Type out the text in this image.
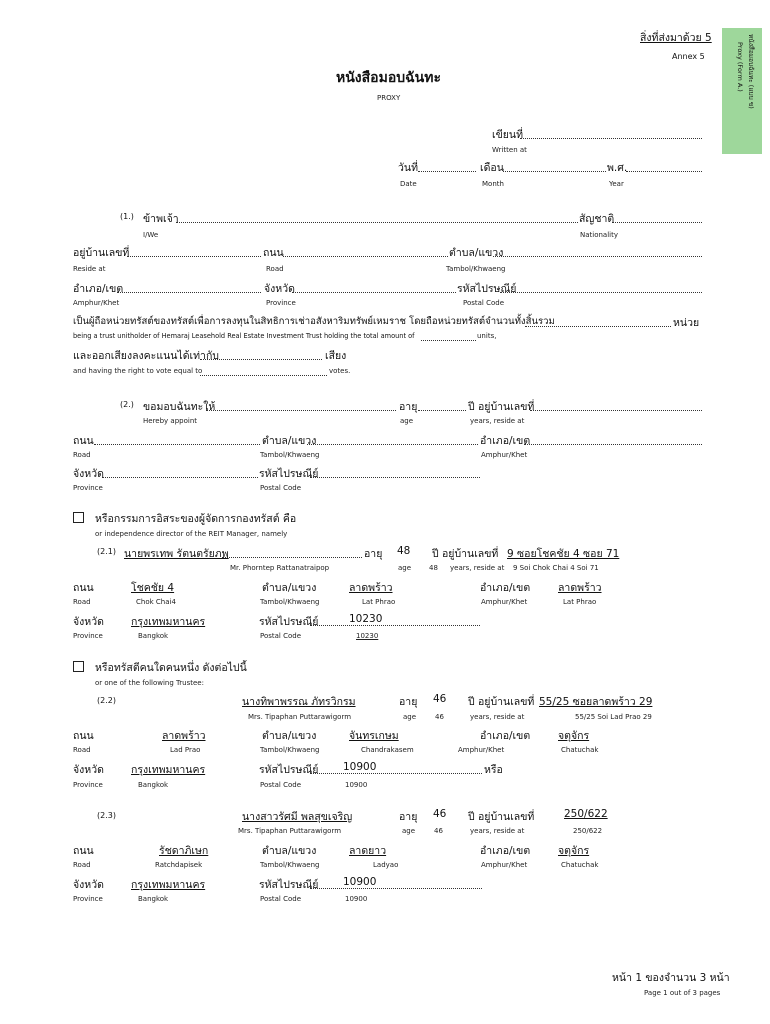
หนังสือมอบฉันทะ (แบบ ข)
Proxy (Form A.)
สิ่งที่ส่งมาด้วย 5
Annex 5
หนังสือมอบฉันทะ
PROXY
เขียนที่
Written at
วันที่	เดือน	พ.ศ.
Date	Month	Year
(1.) ข้าพเจ้า	สัญชาติ
I/We	Nationality
อยู่บ้านเลขที่	ถนน	ตำบล/แขวง
Reside at	Road	Tambol/Khwaeng
อำเภอ/เขต	จังหวัด	รหัสไปรษณีย์
Amphur/Khet	Province	Postal Code
เป็นผู้ถือหน่วยทรัสต์ของทรัสต์เพื่อการลงทุนในสิทธิการเช่าอสังหาริมทรัพย์เหมราช โดยถือหน่วยทรัสต์จำนวนทั้งสิ้นรวม	หน่วย
being a trust unitholder of Hemaraj Leasehold Real Estate Investment Trust holding the total amount of	units,
และออกเสียงลงคะแนนได้เท่ากับ	เสียง
and having the right to vote equal to	votes.
(2.) ขอมอบฉันทะให้	อายุ	ปี อยู่บ้านเลขที่
Hereby appoint	age	years, reside at
ถนน	ตำบล/แขวง	อำเภอ/เขต
Road	Tambol/Khwaeng	Amphur/Khet
จังหวัด	รหัสไปรษณีย์
Province	Postal Code
หรือกรรมการอิสระของผู้จัดการกองทรัสต์ คือ
or independence director of the REIT Manager, namely
(2.1) นายพรเทพ รัตนตรัยภพ	อายุ 48 ปี อยู่บ้านเลขที่ 9 ซอยโชคชัย 4 ซอย 71
Mr. Phorntep Rattanatraipop	age	48 years, reside at 9 Soi Chok Chai 4 Soi 71
ถนน	โชคชัย 4	ตำบล/แขวง	ลาดพร้าว	อำเภอ/เขต	ลาดพร้าว
Road	Chok Chai4	Tambol/Khwaeng	Lat Phrao	Amphur/Khet	Lat Phrao
จังหวัด	กรุงเทพมหานคร	รหัสไปรษณีย์	10230
Province	Bangkok	Postal Code	10230
หรือทรัสตีคนใดคนหนึ่ง ดังต่อไปนี้
or one of the following Trustee:
(2.2)	นางทิพาพรรณ ภัทรวิกรม	อายุ 46 ปี อยู่บ้านเลขที่ 55/25 ซอยลาดพร้าว 29
Mrs. Tipaphan Puttarawigorm	age	46	years, reside at	55/25 Soi Lad Prao 29
ถนน	ลาดพร้าว	ตำบล/แขวง	จันทรเกษม	อำเภอ/เขต	จตุจักร
Road	Lad Prao	Tambol/Khwaeng	Chandrakasem	Amphur/Khet	Chatuchak
จังหวัด	กรุงเทพมหานคร	รหัสไปรษณีย์ 10900	หรือ
Province	Bangkok	Postal Code	10900
(2.3)	นางสาวรัศมี พลสุขเจริญ	อายุ 46 ปี อยู่บ้านเลขที่	250/622
Mrs. Tipaphan Puttarawigorm	age	46	years, reside at	250/622
ถนน	รัชดาภิเษก	ตำบล/แขวง	ลาดยาว	อำเภอ/เขต	จตุจักร
Road	Ratchdapisek	Tambol/Khwaeng	Ladyao	Amphur/Khet	Chatuchak
จังหวัด	กรุงเทพมหานคร	รหัสไปรษณีย์ 10900
Province	Bangkok	Postal Code	10900
หน้า 1 ของจำนวน 3 หน้า
Page 1 out of 3 pages
